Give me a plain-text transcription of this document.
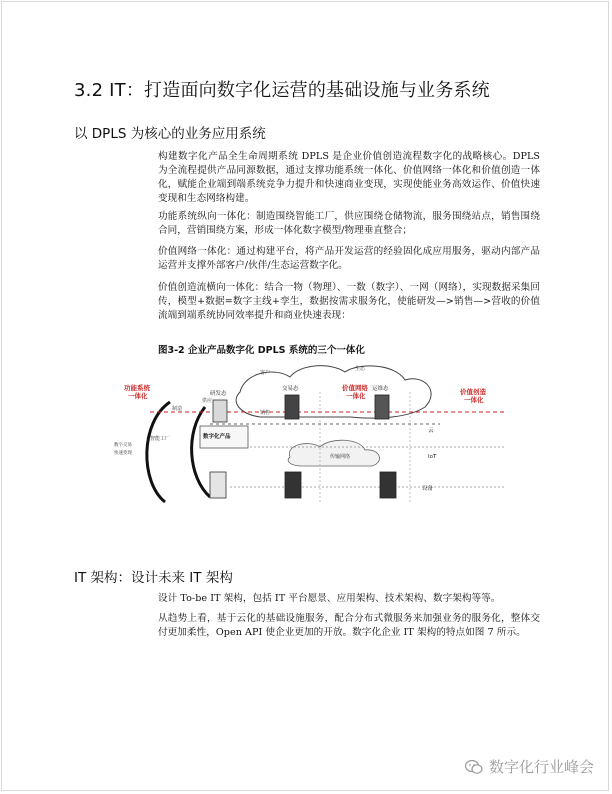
3.2 IT：打造面向数字化运营的基础设施与业务系统
以 DPLS 为核心的业务应用系统
构建数字化产品全生命周期系统 DPLS 是企业价值创造流程数字化的战略核心。DPLS 为全流程提供产品同源数据，通过支撑功能系统一体化、价值网络一体化和价值创造一体化，赋能企业端到端系统竞争力提升和快速商业变现，实现使能业务高效运作、价值快速变现和生态网络构建。
功能系统纵向一体化：制造围绕智能工厂，供应围绕仓储物流，服务围绕站点，销售围绕合同，营销围绕方案，形成一体化数字模型/物理垂直整合；
价值网络一体化：通过构建平台，将产品开发运营的经验固化成应用服务，驱动内部产品运营并支撑外部客户/伙伴/生态运营数字化。
价值创造流横向一体化：结合一物（物理）、一数（数字）、一网（网络），实现数据采集回传，模型+数据=数字主线+孪生，数据按需求服务化，使能研发—>销售—>营收的价值流端到端系统协同效率提升和商业快速表现：
图3-2 企业产品数字化 DPLS 系统的三个一体化
功能系统一体化
价值网络一体化	价值创造一体化
研发态
交易态	运维态
客户
生态
供应
制造
销售
智能工厂
数字交易快速变现
数字化产品
云
IoT
设备
传输网络
IT 架构：设计未来 IT 架构
设计 To-be IT 架构，包括 IT 平台愿景、应用架构、技术架构、数字架构等等。
从趋势上看，基于云化的基础设施服务，配合分布式微服务来加强业务的服务化，整体交付更加柔性，Open API 使企业更加的开放。数字化企业 IT 架构的特点如图 7 所示。
数字化行业峰会
